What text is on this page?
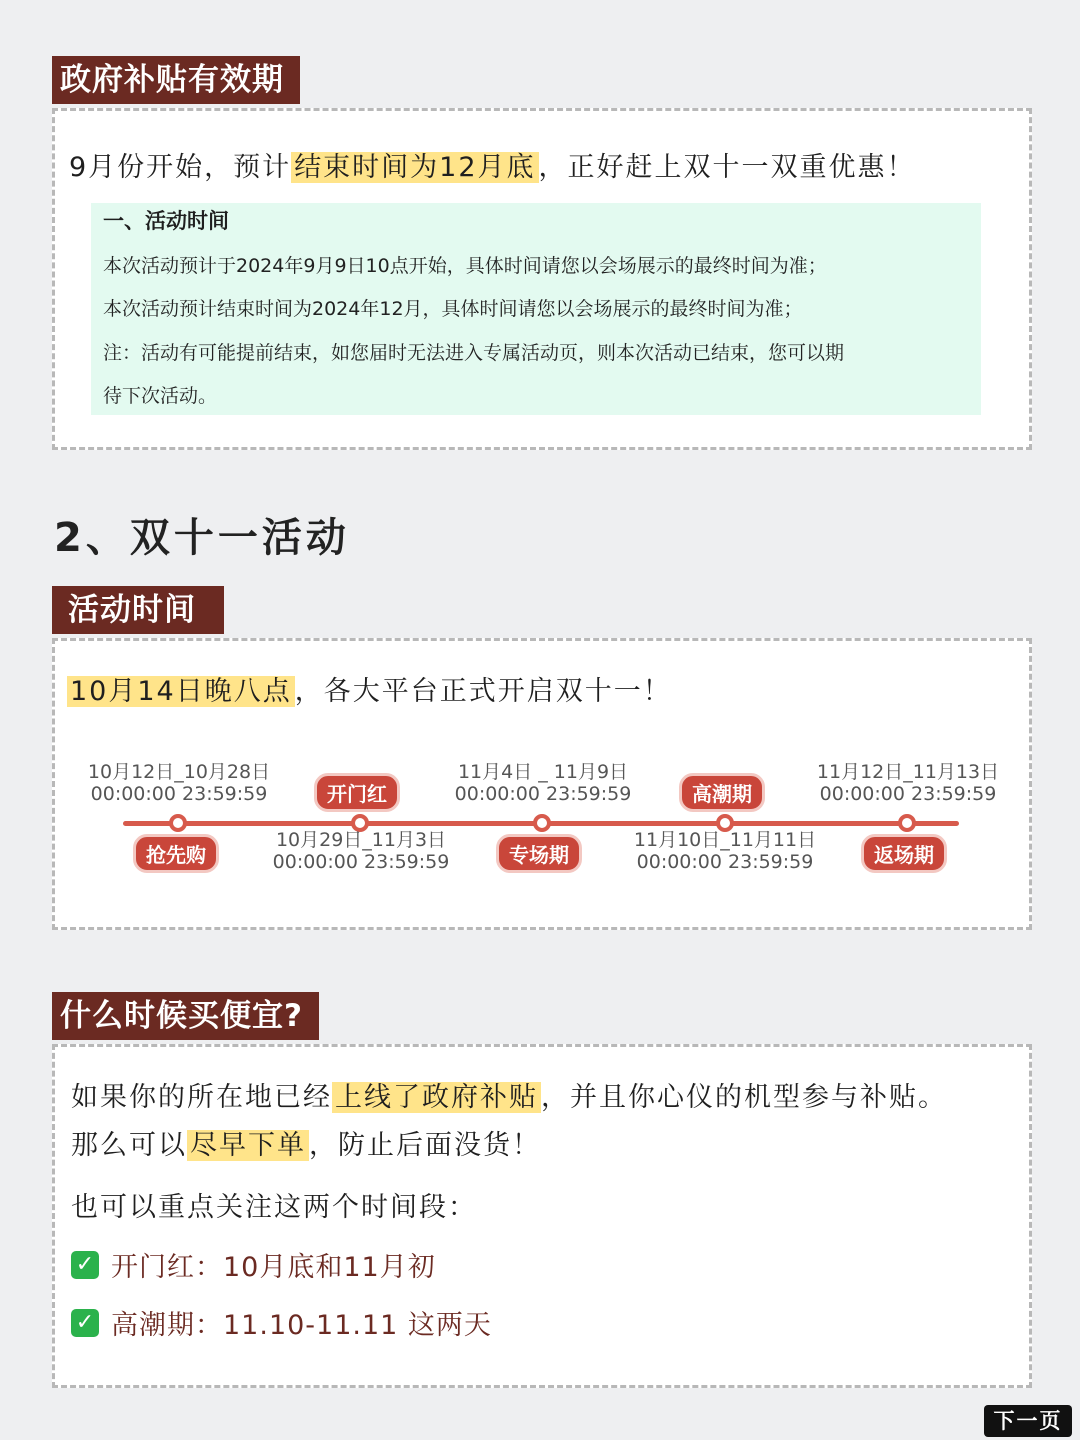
9月份开始，预计 结束时间为12月底 ，正好赶上双十一双重优惠！
一、活动时间
本次活动预计于2024年9月9日10点开始，具体时间请您以会场展示的最终时间为准；
本次活动预计结束时间为2024年12月，具体时间请您以会场展示的最终时间为准；
注：活动有可能提前结束，如您届时无法进入专属活动页，则本次活动已结束，您可以期
待下次活动。
政府补贴有效期
2、双十一活动
10月14日晚八点 ，各大平台正式开启双十一！
10月12日_10月28日
00:00:00 23:59:59
抢先购
开门红
10月29日_11月3日
00:00:00 23:59:59
11月4日 _ 11月9日
00:00:00 23:59:59
专场期
高潮期
11月10日_11月11日
00:00:00 23:59:59
11月12日_11月13日
00:00:00 23:59:59
返场期
活动时间
如果你的所在地已经 上线了政府补贴 ，并且你心仪的机型参与补贴。
那么可以 尽早下单 ，防止后面没货！
也可以重点关注这两个时间段：
✓ 开门红：10月底和11月初
✓ 高潮期：11.10-11.11 这两天
什么时候买便宜?
下一页
